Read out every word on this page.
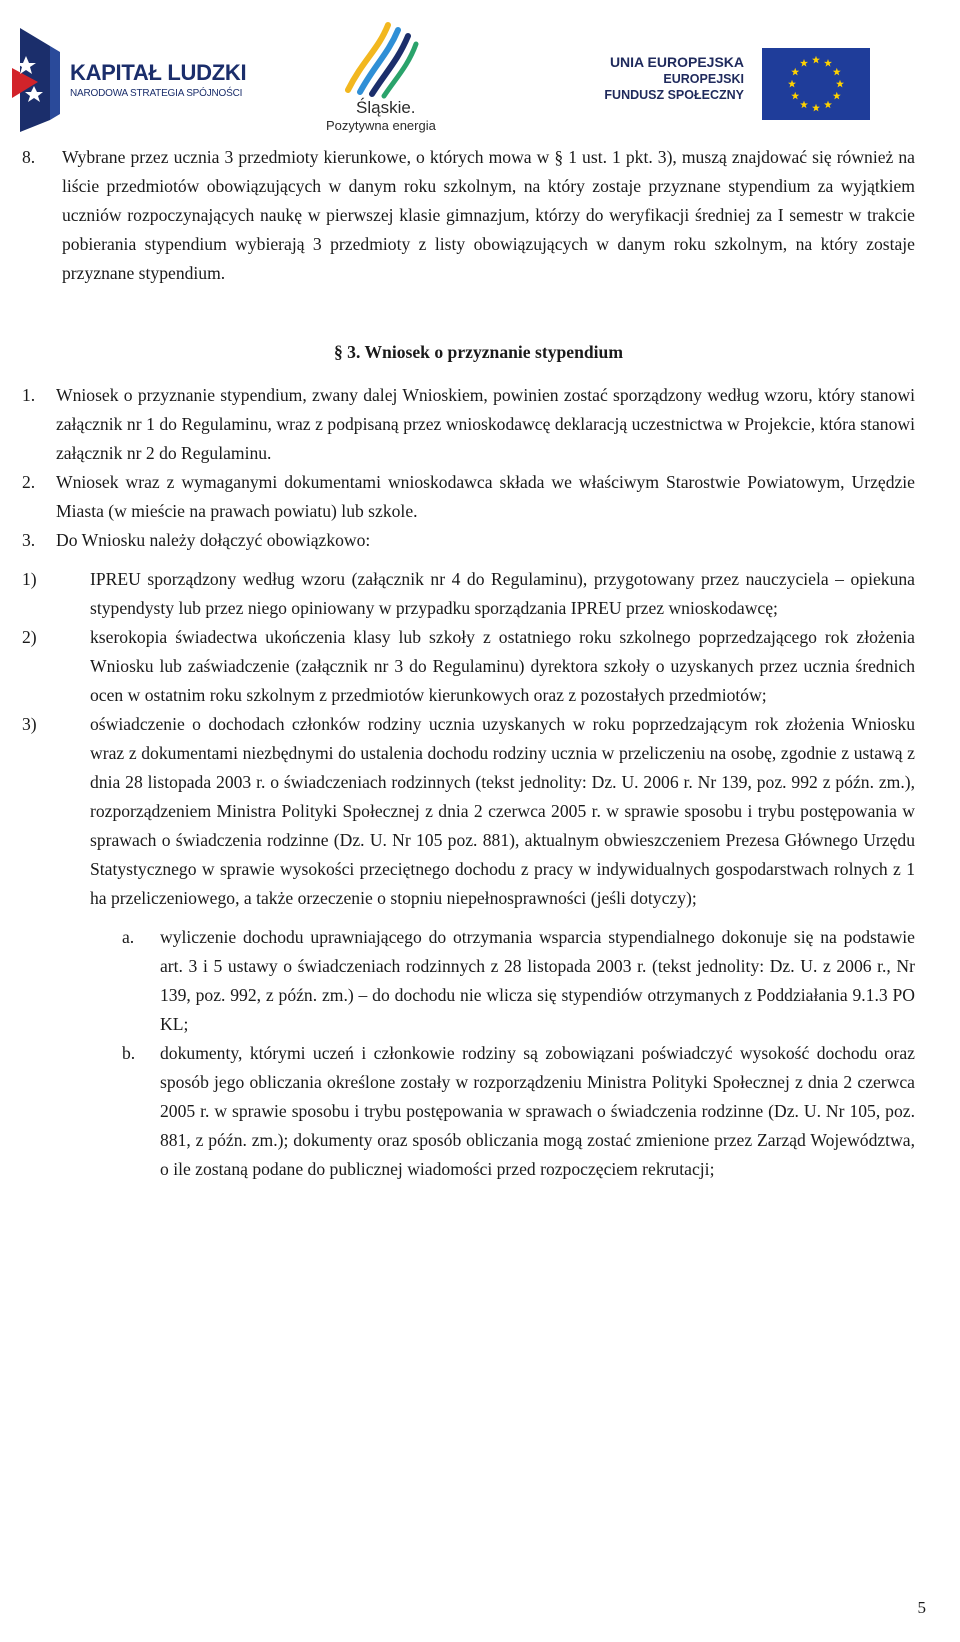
KAPITAŁ LUDZKI
NARODOWA STRATEGIA SPÓJNOŚCI
Śląskie.
Pozytywna energia
UNIA EUROPEJSKA
EUROPEJSKI
FUNDUSZ SPOŁECZNY
8.	Wybrane przez ucznia 3 przedmioty kierunkowe, o których mowa w § 1 ust. 1 pkt. 3), muszą znajdować się również na liście przedmiotów obowiązujących w danym roku szkolnym, na który zostaje przyznane stypendium za wyjątkiem uczniów rozpoczynających naukę w pierwszej klasie gimnazjum, którzy do weryfikacji średniej za I semestr w trakcie pobierania stypendium wybierają 3 przedmioty z listy obowiązujących w danym roku szkolnym, na który zostaje przyznane stypendium.
§ 3. Wniosek o przyznanie stypendium
1.	Wniosek o przyznanie stypendium, zwany dalej Wnioskiem, powinien zostać sporządzony według wzoru, który stanowi załącznik nr 1 do Regulaminu, wraz z podpisaną przez wnioskodawcę deklaracją uczestnictwa w Projekcie, która stanowi załącznik nr 2 do Regulaminu.
2.	Wniosek wraz z wymaganymi dokumentami wnioskodawca składa we właściwym Starostwie Powiatowym, Urzędzie Miasta (w mieście na prawach powiatu) lub szkole.
3.	Do Wniosku należy dołączyć obowiązkowo:
1)	IPREU sporządzony według wzoru (załącznik nr 4 do Regulaminu), przygotowany przez nauczyciela – opiekuna stypendysty lub przez niego opiniowany w przypadku sporządzania IPREU przez wnioskodawcę;
2)	kserokopia świadectwa ukończenia klasy lub szkoły z ostatniego roku szkolnego poprzedzającego rok złożenia Wniosku lub zaświadczenie (załącznik nr 3 do Regulaminu) dyrektora szkoły o uzyskanych przez ucznia średnich ocen w ostatnim roku szkolnym z przedmiotów kierunkowych oraz z pozostałych przedmiotów;
3)	oświadczenie o dochodach członków rodziny ucznia uzyskanych w roku poprzedzającym rok złożenia Wniosku wraz z dokumentami niezbędnymi do ustalenia dochodu rodziny ucznia w przeliczeniu na osobę, zgodnie z ustawą z dnia 28 listopada 2003 r. o świadczeniach rodzinnych (tekst jednolity: Dz. U. 2006 r. Nr 139, poz. 992 z późn. zm.), rozporządzeniem Ministra Polityki Społecznej z dnia 2 czerwca 2005 r. w sprawie sposobu i trybu postępowania w sprawach o świadczenia rodzinne (Dz. U. Nr 105 poz. 881), aktualnym obwieszczeniem Prezesa Głównego Urzędu Statystycznego w sprawie wysokości przeciętnego dochodu z pracy w indywidualnych gospodarstwach rolnych z 1 ha przeliczeniowego, a także orzeczenie o stopniu niepełnosprawności (jeśli dotyczy);
a.	wyliczenie dochodu uprawniającego do otrzymania wsparcia stypendialnego dokonuje się na podstawie art. 3 i 5 ustawy o świadczeniach rodzinnych z 28 listopada 2003 r. (tekst jednolity: Dz. U. z 2006 r., Nr 139, poz. 992, z późn. zm.) – do dochodu nie wlicza się stypendiów otrzymanych z Poddziałania 9.1.3 PO KL;
b.	dokumenty, którymi uczeń i członkowie rodziny są zobowiązani poświadczyć wysokość dochodu oraz sposób jego obliczania określone zostały w rozporządzeniu Ministra Polityki Społecznej z dnia 2 czerwca 2005 r. w sprawie sposobu i trybu postępowania w sprawach o świadczenia rodzinne (Dz. U. Nr 105, poz. 881, z późn. zm.); dokumenty oraz sposób obliczania mogą zostać zmienione przez Zarząd Województwa, o ile zostaną podane do publicznej wiadomości przed rozpoczęciem rekrutacji;
5
